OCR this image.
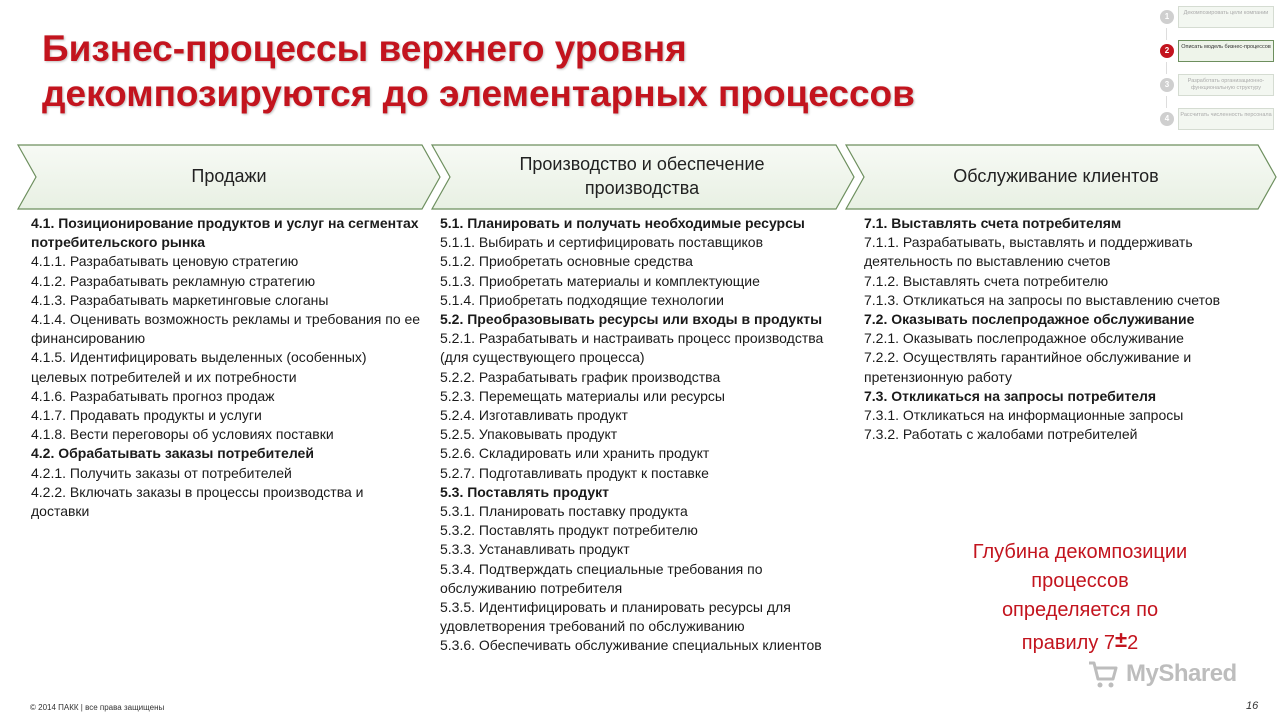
Бизнес-процессы верхнего уровня
декомпозируются до элементарных процессов
1	Декомпозировать цели компании
2	Описать модель бизнес-процессов
3	Разработать организационно-функциональную структуру
4	Рассчитать численность персонала
Продажи
Производство и обеспечение производства
Обслуживание клиентов
4.1. Позиционирование продуктов и услуг на сегментах потребительского рынка
4.1.1. Разрабатывать ценовую стратегию
4.1.2. Разрабатывать рекламную стратегию
4.1.3. Разрабатывать маркетинговые слоганы
4.1.4. Оценивать возможность рекламы и требования по ее финансированию
4.1.5. Идентифицировать выделенных (особенных) целевых потребителей и их потребности
4.1.6. Разрабатывать прогноз продаж
4.1.7. Продавать продукты и услуги
4.1.8. Вести переговоры об условиях поставки
4.2. Обрабатывать заказы потребителей
4.2.1. Получить заказы от потребителей
4.2.2. Включать заказы в процессы производства и доставки
5.1. Планировать и получать необходимые ресурсы
5.1.1. Выбирать и сертифицировать поставщиков
5.1.2. Приобретать основные средства
5.1.3. Приобретать материалы и комплектующие
5.1.4. Приобретать подходящие технологии
5.2. Преобразовывать ресурсы или входы в продукты
5.2.1. Разрабатывать и настраивать процесс производства (для существующего процесса)
5.2.2. Разрабатывать график производства
5.2.3. Перемещать материалы или ресурсы
5.2.4. Изготавливать продукт
5.2.5. Упаковывать продукт
5.2.6. Складировать или хранить продукт
5.2.7. Подготавливать продукт к поставке
5.3. Поставлять продукт
5.3.1. Планировать поставку продукта
5.3.2. Поставлять продукт потребителю
5.3.3. Устанавливать продукт
5.3.4. Подтверждать специальные требования по обслуживанию потребителя
5.3.5. Идентифицировать и планировать ресурсы для удовлетворения требований по обслуживанию
5.3.6. Обеспечивать обслуживание специальных клиентов
7.1. Выставлять счета потребителям
7.1.1. Разрабатывать, выставлять и поддерживать деятельность по выставлению счетов
7.1.2. Выставлять счета потребителю
7.1.3. Откликаться на запросы по выставлению счетов
7.2. Оказывать послепродажное обслуживание
7.2.1. Оказывать послепродажное обслуживание
7.2.2. Осуществлять гарантийное обслуживание и претензионную работу
7.3. Откликаться на запросы потребителя
7.3.1. Откликаться на информационные запросы
7.3.2. Работать с жалобами потребителей
Глубина декомпозиции
процессов
определяется по
правилу 7±2
MyShared
© 2014 ПАКК | все права защищены	16
